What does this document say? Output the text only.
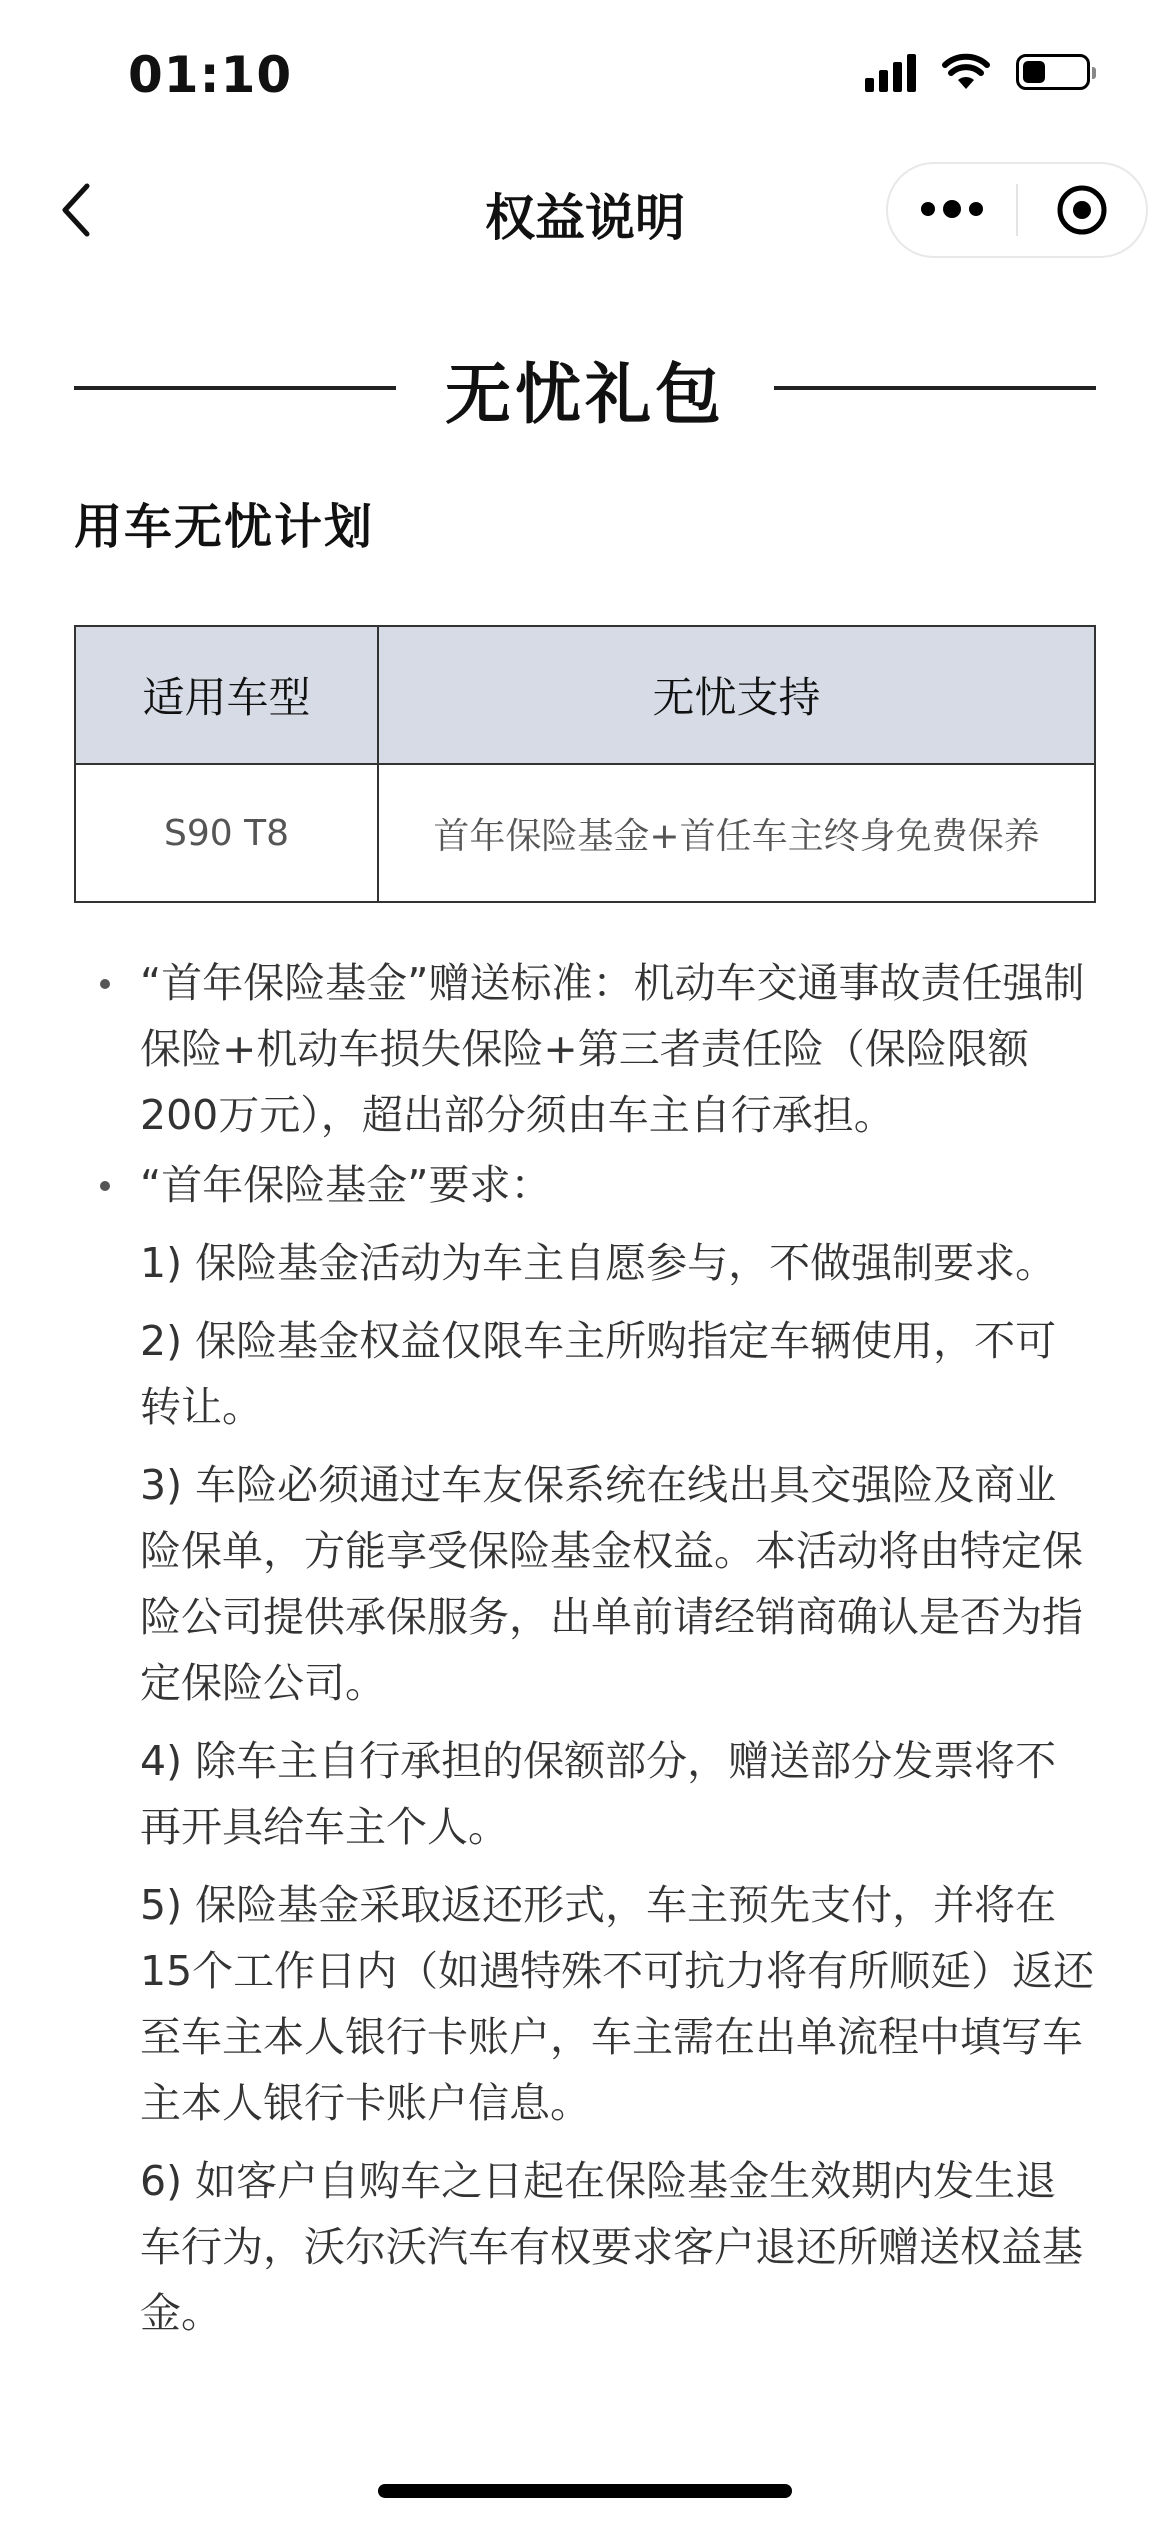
01:10
权益说明
无忧礼包
用车无忧计划
适用车型	无忧支持
S90 T8	首年保险基金+首任车主终身免费保养
“首年保险基金”赠送标准：机动车交通事故责任强制保险+机动车损失保险+第三者责任险（保险限额200万元），超出部分须由车主自行承担。
“首年保险基金”要求：
1) 保险基金活动为车主自愿参与，不做强制要求。
2) 保险基金权益仅限车主所购指定车辆使用，不可转让。
3) 车险必须通过车友保系统在线出具交强险及商业险保单，方能享受保险基金权益。本活动将由特定保险公司提供承保服务，出单前请经销商确认是否为指定保险公司。
4) 除车主自行承担的保额部分，赠送部分发票将不再开具给车主个人。
5) 保险基金采取返还形式，车主预先支付，并将在15个工作日内（如遇特殊不可抗力将有所顺延）返还至车主本人银行卡账户，车主需在出单流程中填写车主本人银行卡账户信息。
6) 如客户自购车之日起在保险基金生效期内发生退车行为，沃尔沃汽车有权要求客户退还所赠送权益基金。
